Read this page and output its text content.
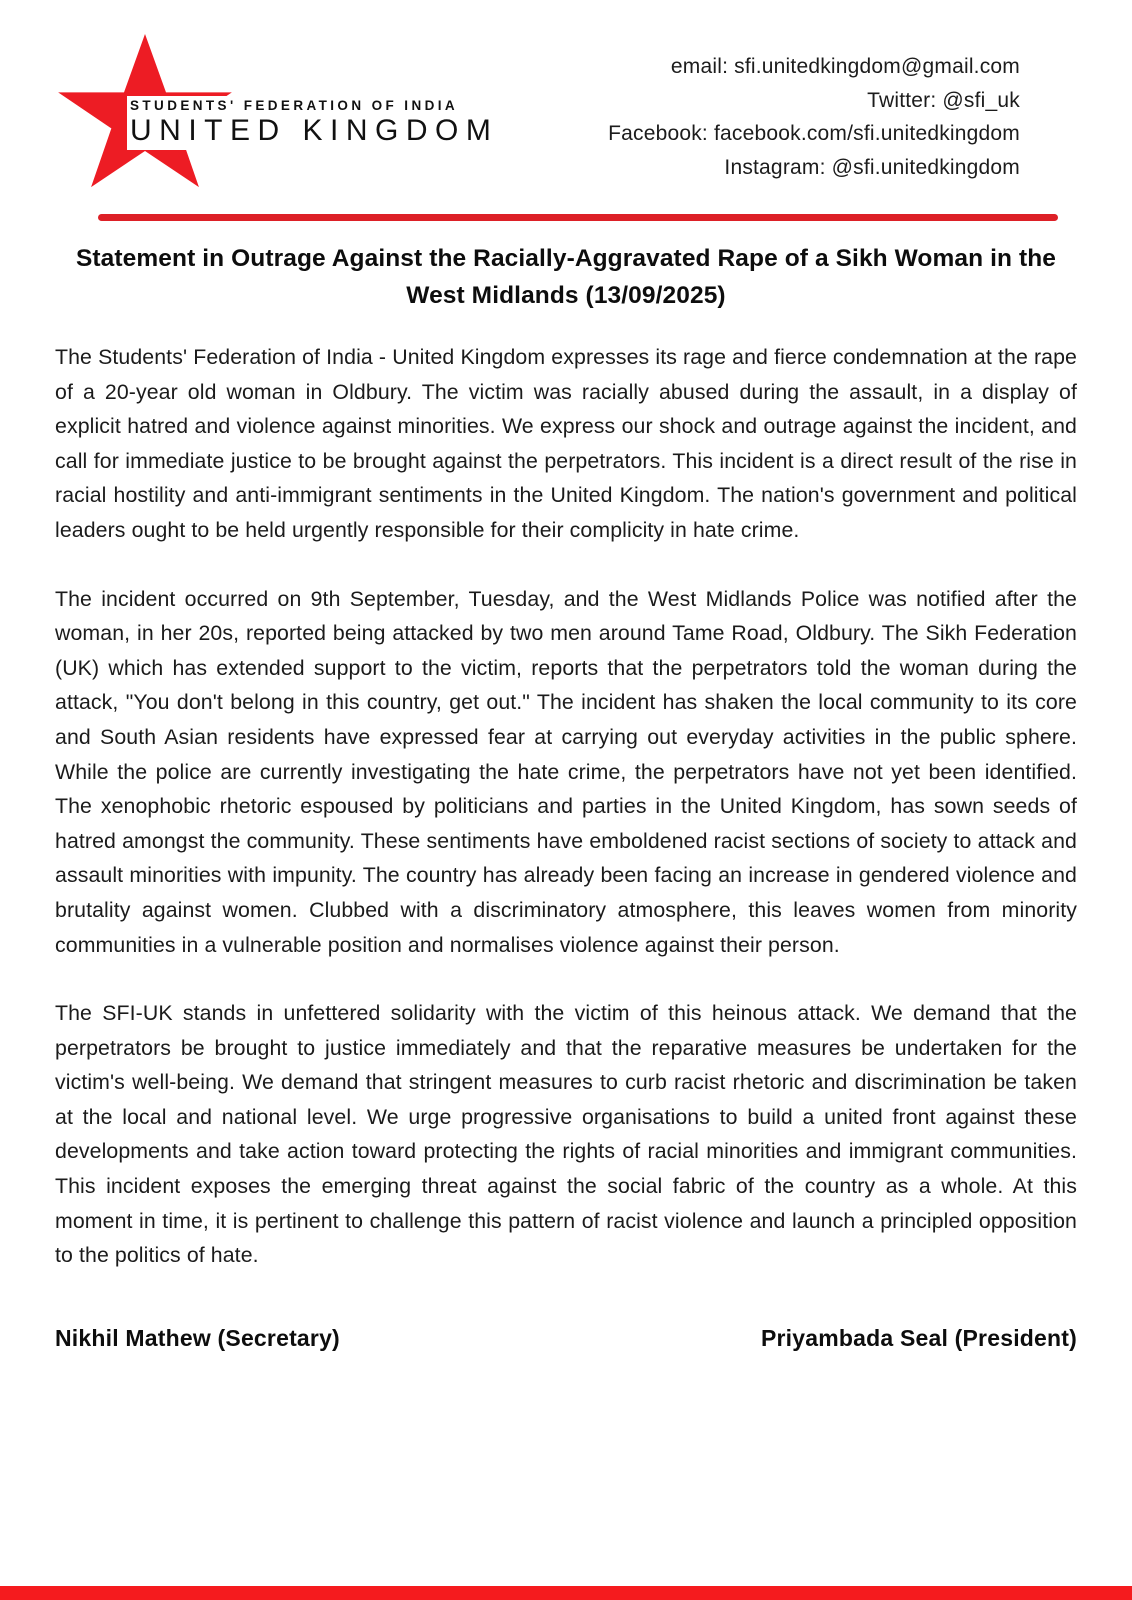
STUDENTS' FEDERATION OF INDIA
UNITED KINGDOM
email: sfi.unitedkingdom@gmail.com
Twitter: @sfi_uk
Facebook: facebook.com/sfi.unitedkingdom
Instagram: @sfi.unitedkingdom
Statement in Outrage Against the Racially-Aggravated Rape of a Sikh Woman in the West Midlands (13/09/2025)

The Students' Federation of India - United Kingdom expresses its rage and fierce condemnation at the rape of a 20-year old woman in Oldbury. The victim was racially abused during the assault, in a display of explicit hatred and violence against minorities. We express our shock and outrage against the incident, and call for immediate justice to be brought against the perpetrators. This incident is a direct result of the rise in racial hostility and anti-immigrant sentiments in the United Kingdom. The nation's government and political leaders ought to be held urgently responsible for their complicity in hate crime.

The incident occurred on 9th September, Tuesday, and the West Midlands Police was notified after the woman, in her 20s, reported being attacked by two men around Tame Road, Oldbury. The Sikh Federation (UK) which has extended support to the victim, reports that the perpetrators told the woman during the attack, "You don't belong in this country, get out." The incident has shaken the local community to its core and South Asian residents have expressed fear at carrying out everyday activities in the public sphere. While the police are currently investigating the hate crime, the perpetrators have not yet been identified. The xenophobic rhetoric espoused by politicians and parties in the United Kingdom, has sown seeds of hatred amongst the community. These sentiments have emboldened racist sections of society to attack and assault minorities with impunity. The country has already been facing an increase in gendered violence and brutality against women. Clubbed with a discriminatory atmosphere, this leaves women from minority communities in a vulnerable position and normalises violence against their person.

The SFI-UK stands in unfettered solidarity with the victim of this heinous attack. We demand that the perpetrators be brought to justice immediately and that the reparative measures be undertaken for the victim's well-being. We demand that stringent measures to curb racist rhetoric and discrimination be taken at the local and national level. We urge progressive organisations to build a united front against these developments and take action toward protecting the rights of racial minorities and immigrant communities. This incident exposes the emerging threat against the social fabric of the country as a whole. At this moment in time, it is pertinent to challenge this pattern of racist violence and launch a principled opposition to the politics of hate.

Nikhil Mathew (Secretary)	Priyambada Seal (President)
